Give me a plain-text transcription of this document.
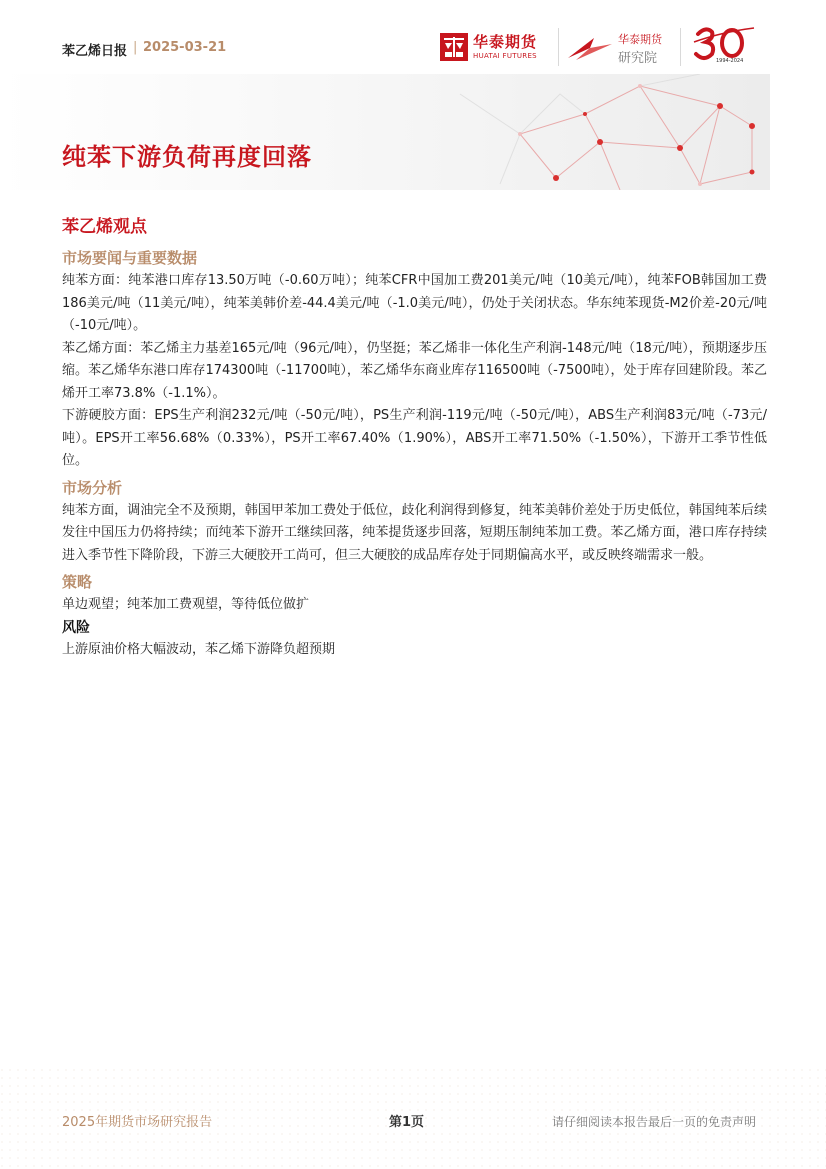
苯乙烯日报 | 2025-03-21	华泰期货
HUATAI FUTURES
华泰期货
研究院	1994-2024
纯苯下游负荷再度回落
苯乙烯观点
市场要闻与重要数据

纯苯方面：纯苯港口库存13.50万吨（-0.60万吨）；纯苯CFR中国加工费201美元/吨（10美元/吨），纯苯FOB韩国加工费186美元/吨（11美元/吨），纯苯美韩价差-44.4美元/吨（-1.0美元/吨），仍处于关闭状态。华东纯苯现货-M2价差-20元/吨（-10元/吨）。

苯乙烯方面：苯乙烯主力基差165元/吨（96元/吨），仍坚挺；苯乙烯非一体化生产利润-148元/吨（18元/吨），预期逐步压缩。苯乙烯华东港口库存174300吨（-11700吨），苯乙烯华东商业库存116500吨（-7500吨），处于库存回建阶段。苯乙烯开工率73.8%（-1.1%）。

下游硬胶方面：EPS生产利润232元/吨（-50元/吨），PS生产利润-119元/吨（-50元/吨），ABS生产利润83元/吨（-73元/吨）。EPS开工率56.68%（0.33%），PS开工率67.40%（1.90%），ABS开工率71.50%（-1.50%），下游开工季节性低位。

市场分析

纯苯方面，调油完全不及预期，韩国甲苯加工费处于低位，歧化利润得到修复，纯苯美韩价差处于历史低位，韩国纯苯后续发往中国压力仍将持续；而纯苯下游开工继续回落，纯苯提货逐步回落，短期压制纯苯加工费。苯乙烯方面，港口库存持续进入季节性下降阶段，下游三大硬胶开工尚可，但三大硬胶的成品库存处于同期偏高水平，或反映终端需求一般。

策略

单边观望；纯苯加工费观望，等待低位做扩

风险

上游原油价格大幅波动，苯乙烯下游降负超预期

2025年期货市场研究报告	第1页	请仔细阅读本报告最后一页的免责声明
